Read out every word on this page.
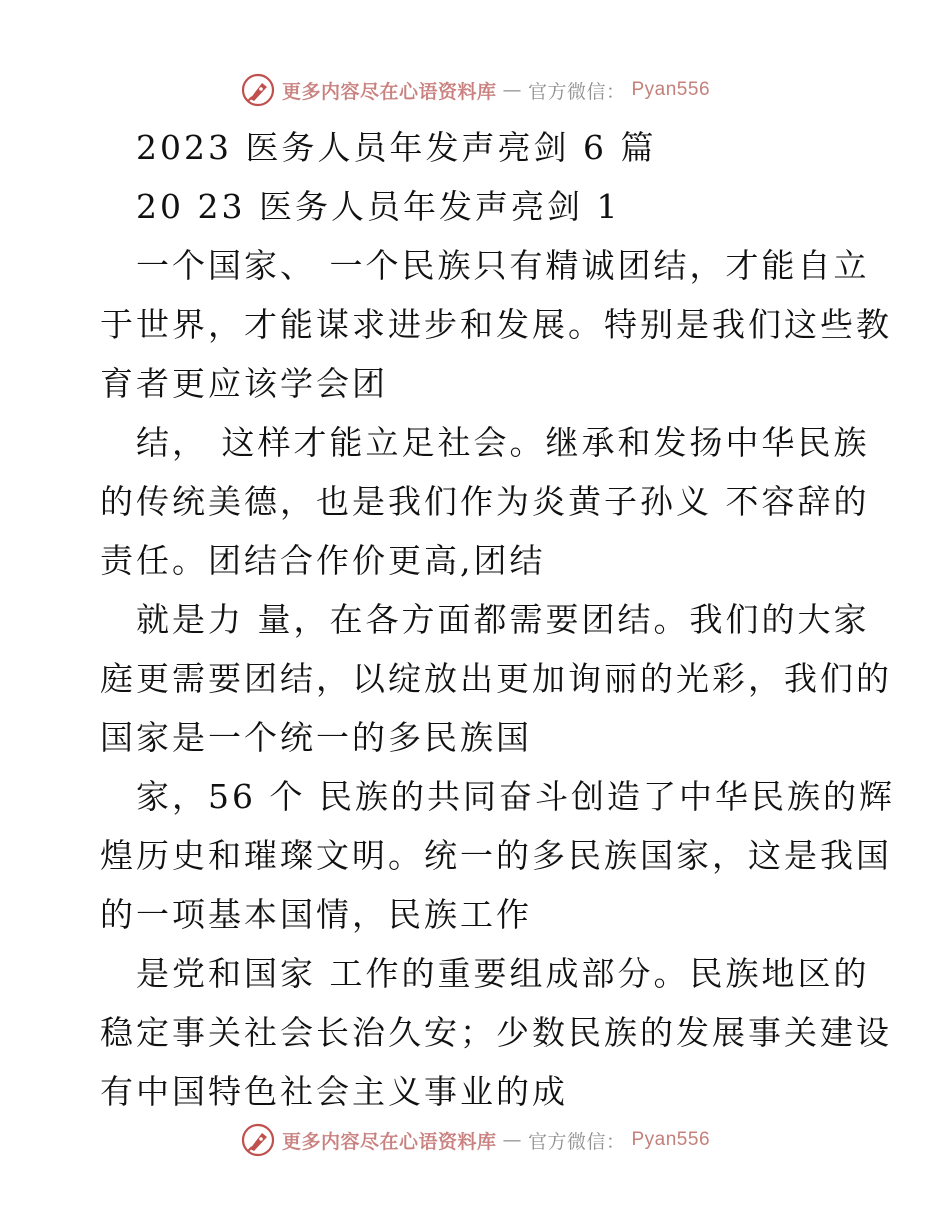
更多内容尽在心语资料库 — 官方微信： Pyan556
2023 医务人员年发声亮剑 6 篇
20 23 医务人员年发声亮剑 1
一个国家、 一个民族只有精诚团结，才能自立
于世界，才能谋求进步和发展。特别是我们这些教
育者更应该学会团
结， 这样才能立足社会。继承和发扬中华民族
的传统美德，也是我们作为炎黄子孙义 不容辞的
责任。团结合作价更高,团结
就是力 量，在各方面都需要团结。我们的大家
庭更需要团结，以绽放出更加询丽的光彩，我们的
国家是一个统一的多民族国
家，56 个 民族的共同奋斗创造了中华民族的辉
煌历史和璀璨文明。统一的多民族国家，这是我国
的一项基本国情，民族工作
是党和国家 工作的重要组成部分。民族地区的
稳定事关社会长治久安；少数民族的发展事关建设
有中国特色社会主义事业的成
更多内容尽在心语资料库 — 官方微信： Pyan556
